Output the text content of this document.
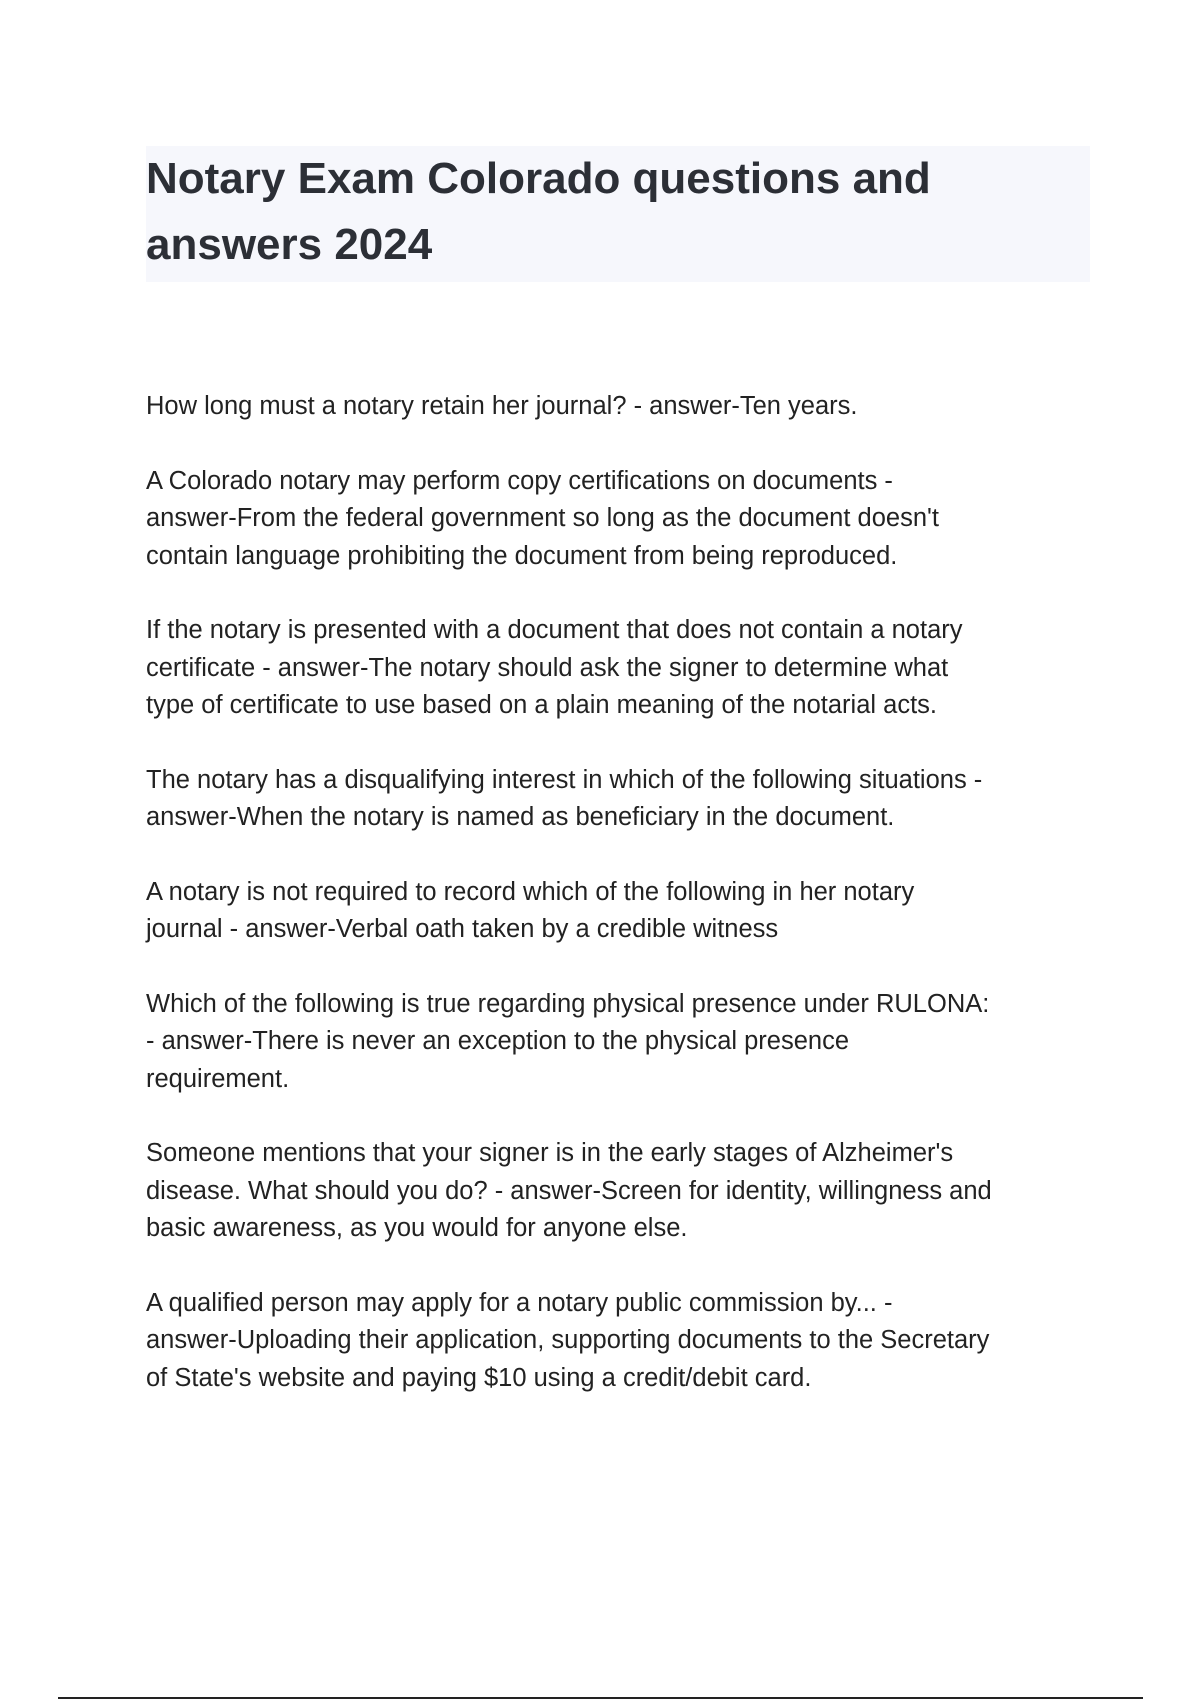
Notary Exam Colorado questions and
answers 2024
How long must a notary retain her journal? - answer-Ten years.
A Colorado notary may perform copy certifications on documents -
answer-From the federal government so long as the document doesn't
contain language prohibiting the document from being reproduced.
If the notary is presented with a document that does not contain a notary
certificate - answer-The notary should ask the signer to determine what
type of certificate to use based on a plain meaning of the notarial acts.
The notary has a disqualifying interest in which of the following situations -
answer-When the notary is named as beneficiary in the document.
A notary is not required to record which of the following in her notary
journal - answer-Verbal oath taken by a credible witness
Which of the following is true regarding physical presence under RULONA:
- answer-There is never an exception to the physical presence
requirement.
Someone mentions that your signer is in the early stages of Alzheimer's
disease. What should you do? - answer-Screen for identity, willingness and
basic awareness, as you would for anyone else.
A qualified person may apply for a notary public commission by... -
answer-Uploading their application, supporting documents to the Secretary
of State's website and paying $10 using a credit/debit card.
